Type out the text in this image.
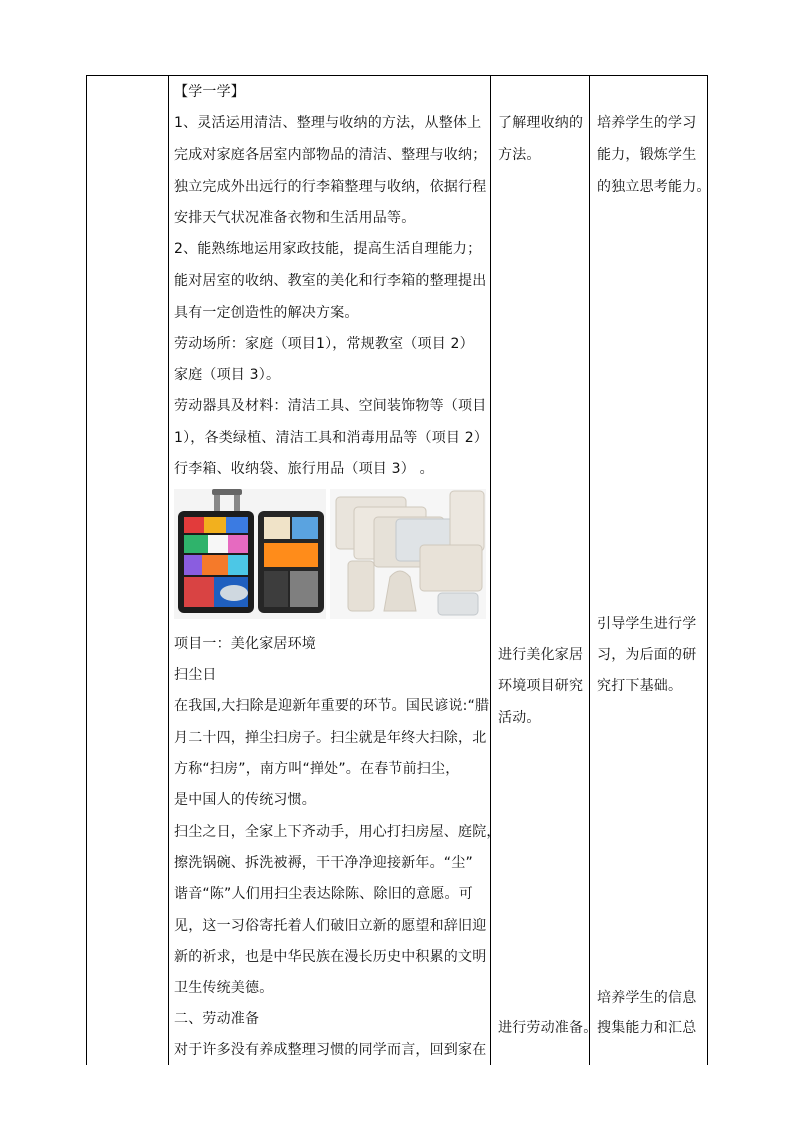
【学一学】
1、灵活运用清洁、整理与收纳的方法，从整体上
完成对家庭各居室内部物品的清洁、整理与收纳；
独立完成外出远行的行李箱整理与收纳，依据行程
安排天气状况准备衣物和生活用品等。
2、能熟练地运用家政技能，提高生活自理能力；
能对居室的收纳、教室的美化和行李箱的整理提出
具有一定创造性的解决方案。
劳动场所：家庭（项目1），常规教室（项目 2）
家庭（项目 3）。
劳动器具及材料：清洁工具、空间装饰物等（项目
1），各类绿植、清洁工具和消毒用品等（项目 2）
行李箱、收纳袋、旅行用品（项目 3） 。
项目一：美化家居环境
扫尘日
在我国,大扫除是迎新年重要的环节。国民谚说:“腊
月二十四，掸尘扫房子。扫尘就是年终大扫除，北
方称“扫房”，南方叫“掸处”。在春节前扫尘，
是中国人的传统习惯。
扫尘之日，全家上下齐动手，用心打扫房屋、庭院，
擦洗锅碗、拆洗被褥，干干净净迎接新年。“尘”
谐音“陈”人们用扫尘表达除陈、除旧的意愿。可
见，这一习俗寄托着人们破旧立新的愿望和辞旧迎
新的祈求，也是中华民族在漫长历史中积累的文明
卫生传统美德。
二、劳动准备
对于许多没有养成整理习惯的同学而言，回到家在
了解理收纳的
方法。
进行美化家居
环境项目研究
活动。
进行劳动准备。
培养学生的学习
能力，锻炼学生
的独立思考能力。
引导学生进行学
习，为后面的研
究打下基础。
培养学生的信息
搜集能力和汇总
